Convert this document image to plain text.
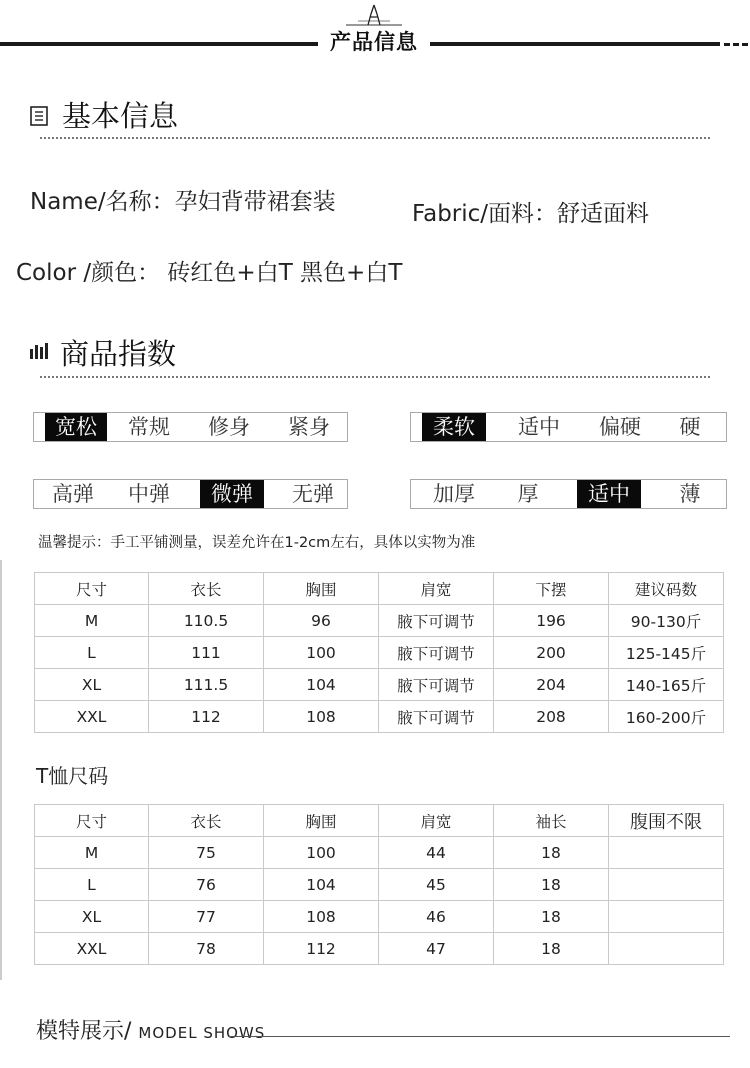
产品信息
基本信息
Name/名称：孕妇背带裙套装	Fabric/面料：舒适面料
Color /颜色： 砖红色+白T 黑色+白T
商品指数
宽松	常规	修身	紧身	柔软	适中	偏硬	硬
高弹	中弹	微弹	无弹	加厚	厚	适中	薄
温馨提示：手工平铺测量，误差允许在1-2cm左右，具体以实物为准
尺寸	衣长	胸围	肩宽	下摆	建议码数
M	110.5	96	腋下可调节	196	90-130斤
L	111	100	腋下可调节	200	125-145斤
XL	111.5	104	腋下可调节	204	140-165斤
XXL	112	108	腋下可调节	208	160-200斤
T恤尺码
尺寸	衣长	胸围	肩宽	袖长	腹围不限
M	75	100	44	18	
L	76	104	45	18	
XL	77	108	46	18	
XXL	78	112	47	18	
模特展示/ MODEL SHOWS
